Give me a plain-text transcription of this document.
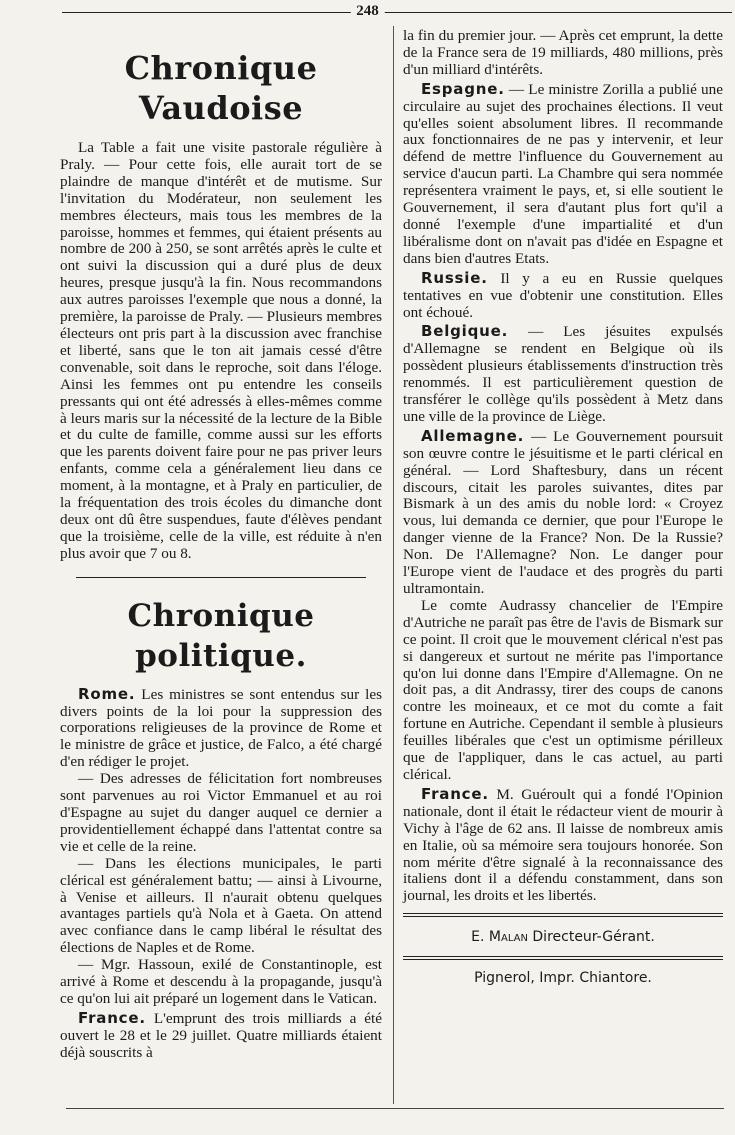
248
Chronique Vaudoise

La Table a fait une visite pastorale régulière à Praly. — Pour cette fois, elle aurait tort de se plaindre de manque d'intérêt et de mutisme. Sur l'invitation du Modérateur, non seulement les membres électeurs, mais tous les membres de la paroisse, hommes et femmes, qui étaient présents au nombre de 200 à 250, se sont arrêtés après le culte et ont suivi la discussion qui a duré plus de deux heures, presque jusqu'à la fin. Nous recommandons aux autres paroisses l'exemple que nous a donné, la première, la paroisse de Praly. — Plusieurs membres électeurs ont pris part à la discussion avec franchise et liberté, sans que le ton ait jamais cessé d'être convenable, soit dans le reproche, soit dans l'éloge. Ainsi les femmes ont pu entendre les conseils pressants qui ont été adressés à elles-mêmes comme à leurs maris sur la nécessité de la lecture de la Bible et du culte de famille, comme aussi sur les efforts que les parents doivent faire pour ne pas priver leurs enfants, comme cela a généralement lieu dans ce moment, à la montagne, et à Praly en particulier, de la fréquentation des trois écoles du dimanche dont deux ont dû être suspendues, faute d'élèves pendant que la troisième, celle de la ville, est réduite à n'en plus avoir que 7 ou 8.

Chronique politique.

Rome. Les ministres se sont entendus sur les divers points de la loi pour la suppression des corporations religieuses de la province de Rome et le ministre de grâce et justice, de Falco, a été chargé d'en rédiger le projet.

— Des adresses de félicitation fort nombreuses sont parvenues au roi Victor Emmanuel et au roi d'Espagne au sujet du danger auquel ce dernier a providentiellement échappé dans l'attentat contre sa vie et celle de la reine.

— Dans les élections municipales, le parti clérical est généralement battu; — ainsi à Livourne, à Venise et ailleurs. Il n'aurait obtenu quelques avantages partiels qu'à Nola et à Gaeta. On attend avec confiance dans le camp libéral le résultat des élections de Naples et de Rome.

— Mgr. Hassoun, exilé de Constantinople, est arrivé à Rome et descendu à la propagande, jusqu'à ce qu'on lui ait préparé un logement dans le Vatican.

France. L'emprunt des trois milliards a été ouvert le 28 et le 29 juillet. Quatre milliards étaient déjà souscrits à

la fin du premier jour. — Après cet emprunt, la dette de la France sera de 19 milliards, 480 millions, près d'un milliard d'intérêts.

Espagne. — Le ministre Zorilla a publié une circulaire au sujet des prochaines élections. Il veut qu'elles soient absolument libres. Il recommande aux fonctionnaires de ne pas y intervenir, et leur défend de mettre l'influence du Gouvernement au service d'aucun parti. La Chambre qui sera nommée représentera vraiment le pays, et, si elle soutient le Gouvernement, il sera d'autant plus fort qu'il a donné l'exemple d'une impartialité et d'un libéralisme dont on n'avait pas d'idée en Espagne et dans bien d'autres Etats.

Russie. Il y a eu en Russie quelques tentatives en vue d'obtenir une constitution. Elles ont échoué.

Belgique. — Les jésuites expulsés d'Allemagne se rendent en Belgique où ils possèdent plusieurs établissements d'instruction très renommés. Il est particulièrement question de transférer le collège qu'ils possèdent à Metz dans une ville de la province de Liège.

Allemagne. — Le Gouvernement poursuit son œuvre contre le jésuitisme et le parti clérical en général. — Lord Shaftesbury, dans un récent discours, citait les paroles suivantes, dites par Bismark à un des amis du noble lord: « Croyez vous, lui demanda ce dernier, que pour l'Europe le danger vienne de la France? Non. De la Russie? Non. De l'Allemagne? Non. Le danger pour l'Europe vient de l'audace et des progrès du parti ultramontain.

Le comte Audrassy chancelier de l'Empire d'Autriche ne paraît pas être de l'avis de Bismark sur ce point. Il croit que le mouvement clérical n'est pas si dangereux et surtout ne mérite pas l'importance qu'on lui donne dans l'Empire d'Allemagne. On ne doit pas, a dit Andrassy, tirer des coups de canons contre les moineaux, et ce mot du comte a fait fortune en Autriche. Cependant il semble à plusieurs feuilles libérales que c'est un optimisme périlleux que de l'appliquer, dans le cas actuel, au parti clérical.

France. M. Guéroult qui a fondé l'Opinion nationale, dont il était le rédacteur vient de mourir à Vichy à l'âge de 62 ans. Il laisse de nombreux amis en Italie, où sa mémoire sera toujours honorée. Son nom mérite d'être signalé à la reconnaissance des italiens dont il a défendu constamment, dans son journal, les droits et les libertés.

E. Malan Directeur-Gérant.
Pignerol, Impr. Chiantore.
